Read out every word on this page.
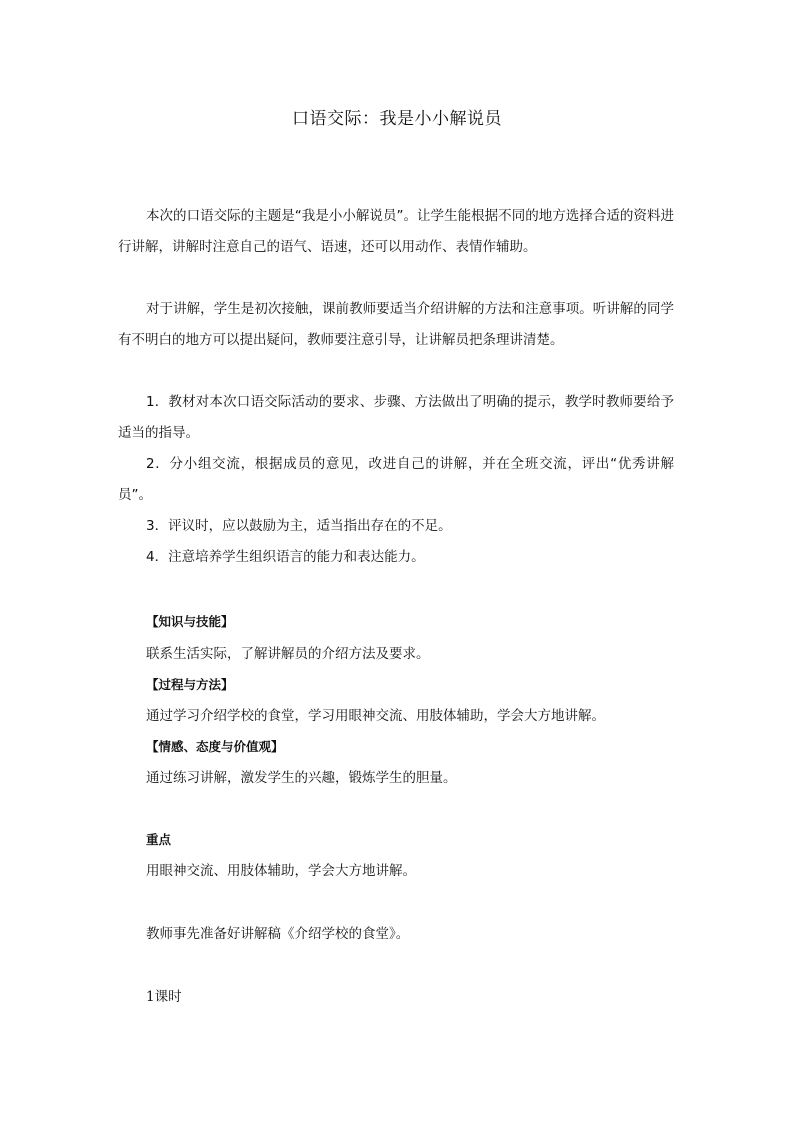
口语交际：我是小小解说员

本次的口语交际的主题是“我是小小解说员”。让学生能根据不同的地方选择合适的资料进行讲解，讲解时注意自己的语气、语速，还可以用动作、表情作辅助。

对于讲解，学生是初次接触，课前教师要适当介绍讲解的方法和注意事项。听讲解的同学有不明白的地方可以提出疑问，教师要注意引导，让讲解员把条理讲清楚。

1．教材对本次口语交际活动的要求、步骤、方法做出了明确的提示，教学时教师要给予适当的指导。

2．分小组交流，根据成员的意见，改进自己的讲解，并在全班交流，评出“优秀讲解员”。

3．评议时，应以鼓励为主，适当指出存在的不足。

4．注意培养学生组织语言的能力和表达能力。

【知识与技能】
联系生活实际，了解讲解员的介绍方法及要求。
【过程与方法】
通过学习介绍学校的食堂，学习用眼神交流、用肢体辅助，学会大方地讲解。
【情感、态度与价值观】
通过练习讲解，激发学生的兴趣，锻炼学生的胆量。
重点
用眼神交流、用肢体辅助，学会大方地讲解。
教师事先准备好讲解稿《介绍学校的食堂》。
1课时
